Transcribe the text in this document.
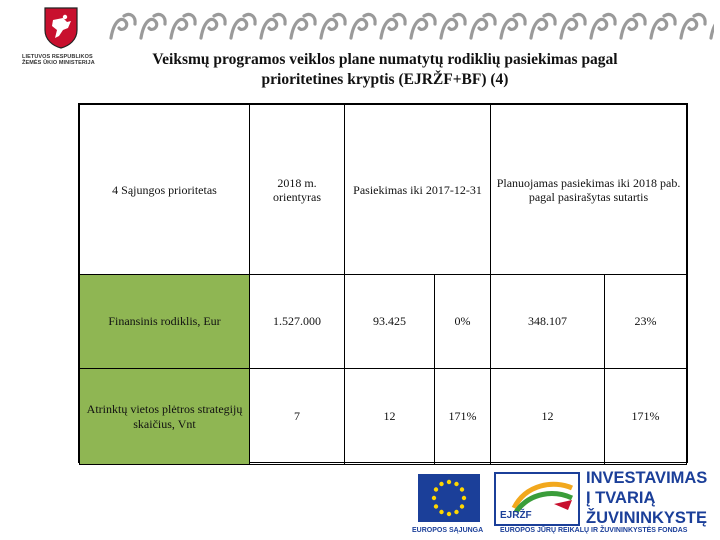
LIETUVOS RESPUBLIKOS
ŽEMĖS ŪKIO MINISTERIJA	Veiksmų programos veiklos plane numatytų rodiklių pasiekimas pagal
prioritetines kryptis (EJRŽF+BF) (4)
4 Sąjungos prioritetas	2018 m. orientyras	Pasiekimas iki 2017-12-31		Planuojamas pasiekimas iki 2018 pab. pagal pasirašytas sutartis	
Finansinis rodiklis, Eur	1.527.000	93.425	0%	348.107	23%
Atrinktų vietos plėtros strategijų skaičius, Vnt	7	12	171%	12	171%
EUROPOS SĄJUNGA
EJRŽF
EUROPOS JŪRŲ REIKALŲ IR ŽUVININKYSTĖS FONDAS
INVESTAVIMAS
Į TVARIĄ
ŽUVININKYSTĘ
